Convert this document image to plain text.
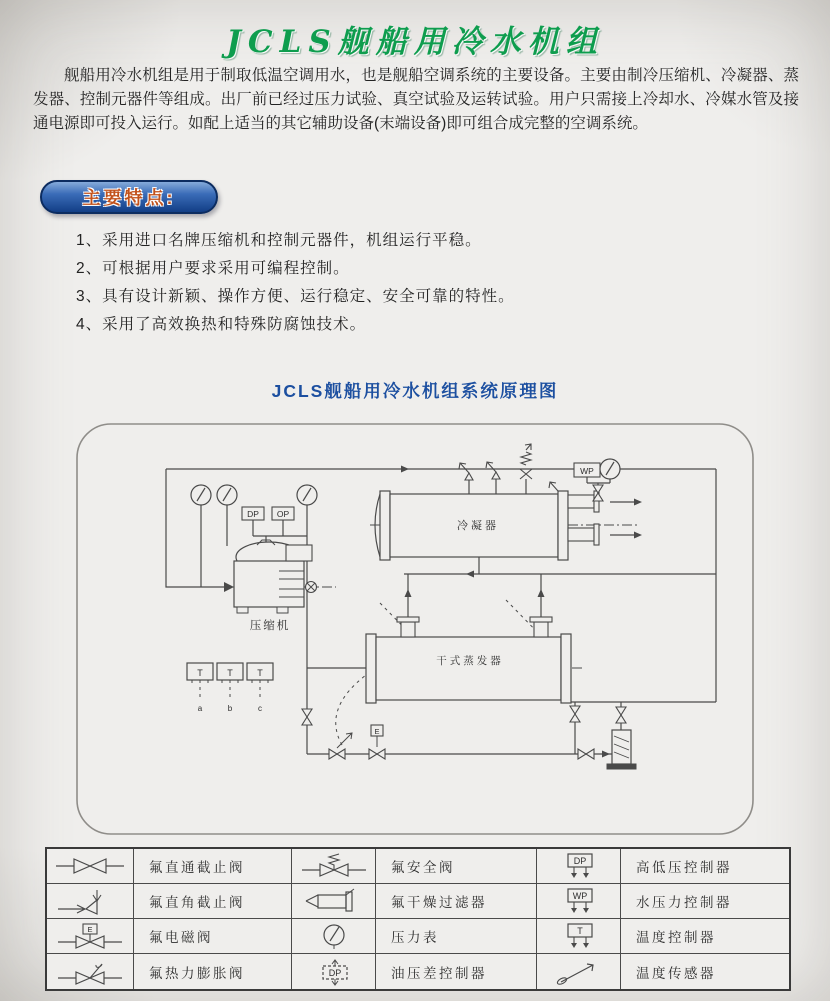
JCLS舰船用冷水机组
舰船用冷水机组是用于制取低温空调用水，也是舰船空调系统的主要设备。主要由制冷压缩机、冷凝器、蒸发器、控制元器件等组成。出厂前已经过压力试验、真空试验及运转试验。用户只需接上冷却水、冷媒水管及接通电源即可投入运行。如配上适当的其它辅助设备(末端设备)即可组合成完整的空调系统。
主要特点:
1、采用进口名牌压缩机和控制元器件，机组运行平稳。
2、可根据用户要求采用可编程控制。
3、具有设计新颖、操作方便、运行稳定、安全可靠的特性。
4、采用了高效换热和特殊防腐蚀技术。
JCLS舰船用冷水机组系统原理图
压缩机
DP OP
冷凝器
WP
干式蒸发器
T	T	T
a	b	c
E
氟直通截止阀	氟安全阀	DP	高低压控制器
氟直角截止阀	氟干燥过滤器	WP	水压力控制器
E
氟电磁阀	压力表	T	温度控制器
氟热力膨胀阀	DP	油压差控制器	温度传感器
